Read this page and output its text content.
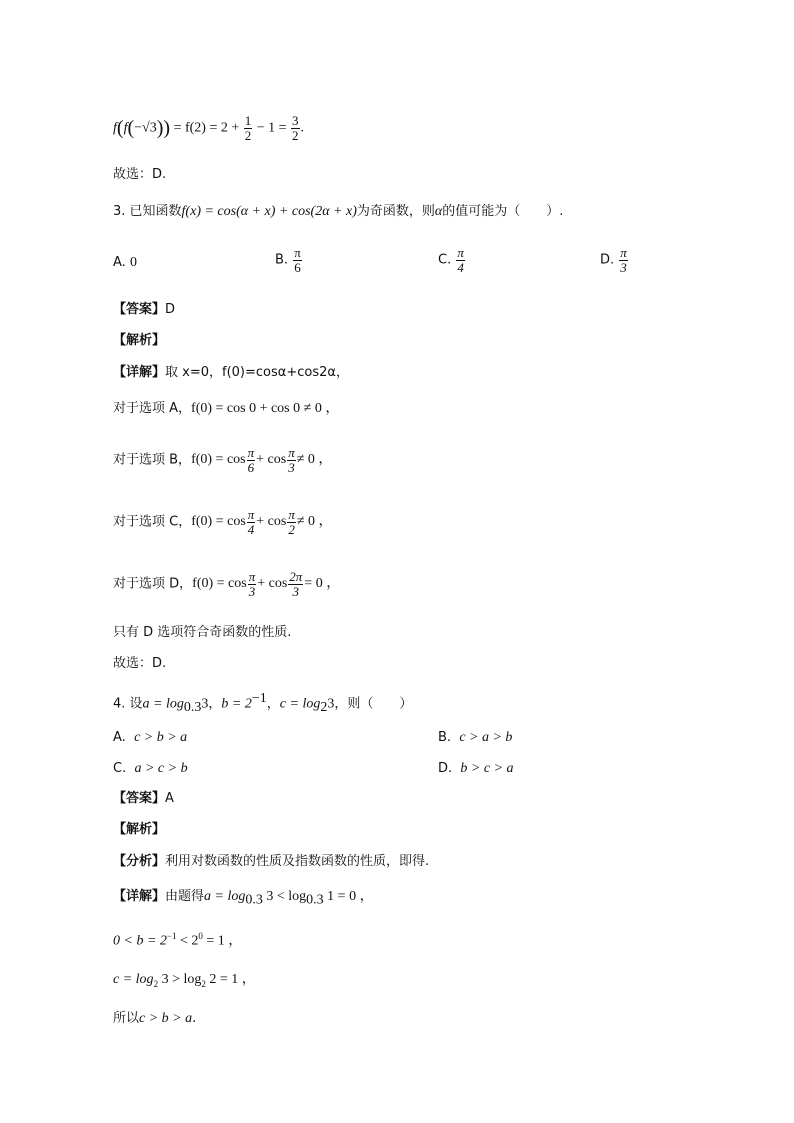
$f(f(-√3)) = f(2) = 2 + \frac{1}{2} - 1 = \frac{3}{2}$ .
故选：D.
3. 已知函数f(x) = cos(α + x) + cos(2α + x)为奇函数，则α的值可能为（　　）.
A. 0	B. $\frac{\pi}{6}$	C. $\frac{\pi}{4}$	D. $\frac{\pi}{3}$
【答案】D
【解析】
【详解】取 x=0，f(0)=cosα+cos2α，
对于选项 A，f(0) = cos 0 + cos 0 ≠ 0 ，
对于选项 B，$f(0) = \cos \frac{\pi}{6} + \cos \frac{\pi}{3} \ne 0$ ，
对于选项 C，$f(0) = \cos \frac{\pi}{4} + \cos \frac{\pi}{2} \ne 0$ ，
对于选项 D，$f(0) = \cos \frac{\pi}{3} + \cos \frac{2\pi}{3} = 0$ ，
只有 D 选项符合奇函数的性质.
故选：D.
4. 设$a = \log_{0.3}3$，$b = 2^{-1}$，$c = \log_23$，则（　　）
A. c > b > a	B. c > a > b
C. a > c > b	D. b > c > a
【答案】A
【解析】
【分析】利用对数函数的性质及指数函数的性质，即得.
【详解】由题得$a = \log_{0.3} 3 < \log_{0.3} 1 = 0$ ，
$0 < b = 2^{-1} < 2^0 = 1$ ，
$c = \log_2 3 > \log_2 2 = 1$ ，
所以c > b > a.
